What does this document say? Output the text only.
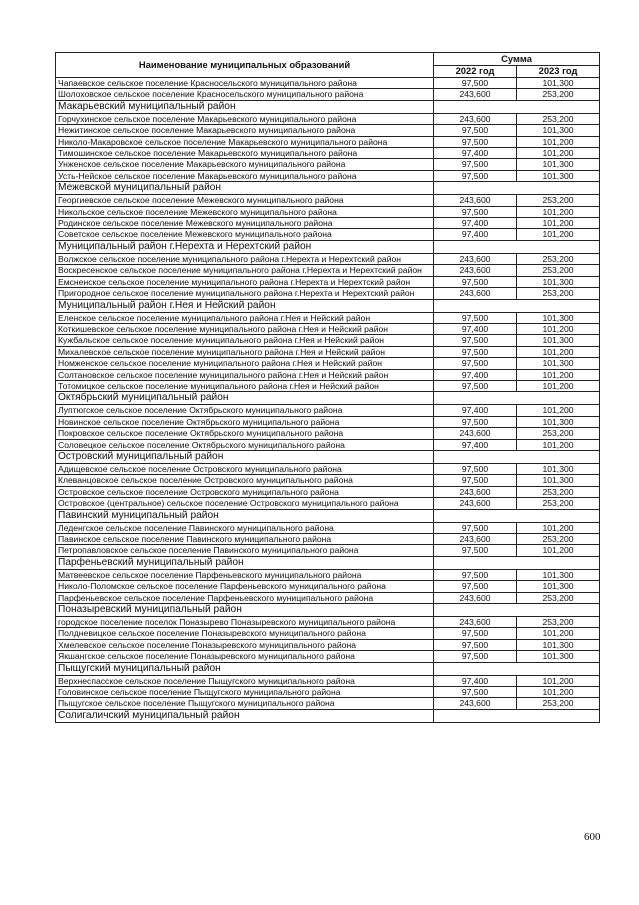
Наименование муниципальных образований	Сумма	
	2022 год	2023 год
Чапаевское сельское поселение Красносельского муниципального района	97,500	101,300
Шолоховское сельское поселение Красносельского муниципального района	243,600	253,200
Макарьевский муниципальный район		
Горчухинское сельское поселение Макарьевского муниципального района	243,600	253,200
Нежитинское сельское поселение Макарьевского муниципального района	97,500	101,300
Николо-Макаровское сельское поселение Макарьевского муниципального района	97,500	101,200
Тимошинское сельское поселение Макарьевского муниципального района	97,400	101,200
Унженское сельское поселение Макарьевского муниципального района	97,500	101,300
Усть-Нейское сельское поселение Макарьевского муниципального района	97,500	101,300
Межевской муниципальный район		
Георгиевское сельское поселение Межевского муниципального района	243,600	253,200
Никольское сельское поселение Межевского муниципального района	97,500	101,200
Родинское сельское поселение Межевского муниципального района	97,400	101,200
Советское сельское поселение Межевского муниципального района	97,400	101,200
Муниципальный район г.Нерехта и Нерехтский район		
Волжское сельское поселение муниципального района г.Нерехта и Нерехтский район	243,600	253,200
Воскресенское сельское поселение муниципального района г.Нерехта и Нерехтский район	243,600	253,200
Емсненское сельское поселение муниципального района г.Нерехта и Нерехтский район	97,500	101,300
Пригородное сельское поселение муниципального района г.Нерехта и Нерехтский район	243,600	253,200
Муниципальный район г.Нея и Нейский район		
Еленское сельское поселение муниципального района г.Нея и Нейский район	97,500	101,300
Коткишевское сельское поселение муниципального района г.Нея и Нейский район	97,400	101,200
Кужбальское сельское поселение муниципального района г.Нея и Нейский район	97,500	101,300
Михалевское сельское поселение муниципального района г.Нея и Нейский район	97,500	101,200
Номженское сельское поселение муниципального района г.Нея и Нейский район	97,500	101,300
Солтановское сельское поселение муниципального района г.Нея и Нейский район	97,400	101,200
Тотомицкое сельское поселение муниципального района г.Нея и Нейский район	97,500	101,200
Октябрьский муниципальный район		
Луптюгское сельское поселение Октябрьского муниципального района	97,400	101,200
Новинское сельское поселение Октябрьского муниципального района	97,500	101,300
Покровское сельское поселение Октябрьского муниципального района	243,600	253,200
Соловецкое сельское поселение Октябрьского муниципального района	97,400	101,200
Островский муниципальный район		
Адищевское сельское поселение Островского муниципального района	97,500	101,300
Клеванцовское сельское поселение Островского муниципального района	97,500	101,300
Островское сельское поселение Островского муниципального района	243,600	253,200
Островское (центральное) сельское поселение Островского муниципального района	243,600	253,200
Павинский муниципальный район		
Леденгское сельское поселение Павинского муниципального района	97,500	101,200
Павинское сельское поселение Павинского муниципального района	243,600	253,200
Петропавловское сельское поселение Павинского муниципального района	97,500	101,200
Парфеньевский муниципальный район		
Матвеевское сельское поселение Парфеньевского муниципального района	97,500	101,300
Николо-Поломское сельское поселение Парфеньевского муниципального района	97,500	101,300
Парфеньевское сельское поселение Парфеньевского муниципального района	243,600	253,200
Поназыревский муниципальный район		
городское поселение поселок Поназырево Поназыревского муниципального района	243,600	253,200
Полдневицкое сельское поселение Поназыревского муниципального района	97,500	101,200
Хмелевское сельское поселение Поназыревского муниципального района	97,500	101,300
Якшангское сельское поселение Поназыревского муниципального района	97,500	101,300
Пыщугский муниципальный район		
Верхнеспасское сельское поселение Пыщугского муниципального района	97,400	101,200
Головинское сельское поселение Пыщугского муниципального района	97,500	101,200
Пыщугское сельское поселение Пыщугского муниципального района	243,600	253,200
Солигаличский муниципальный район		
600
